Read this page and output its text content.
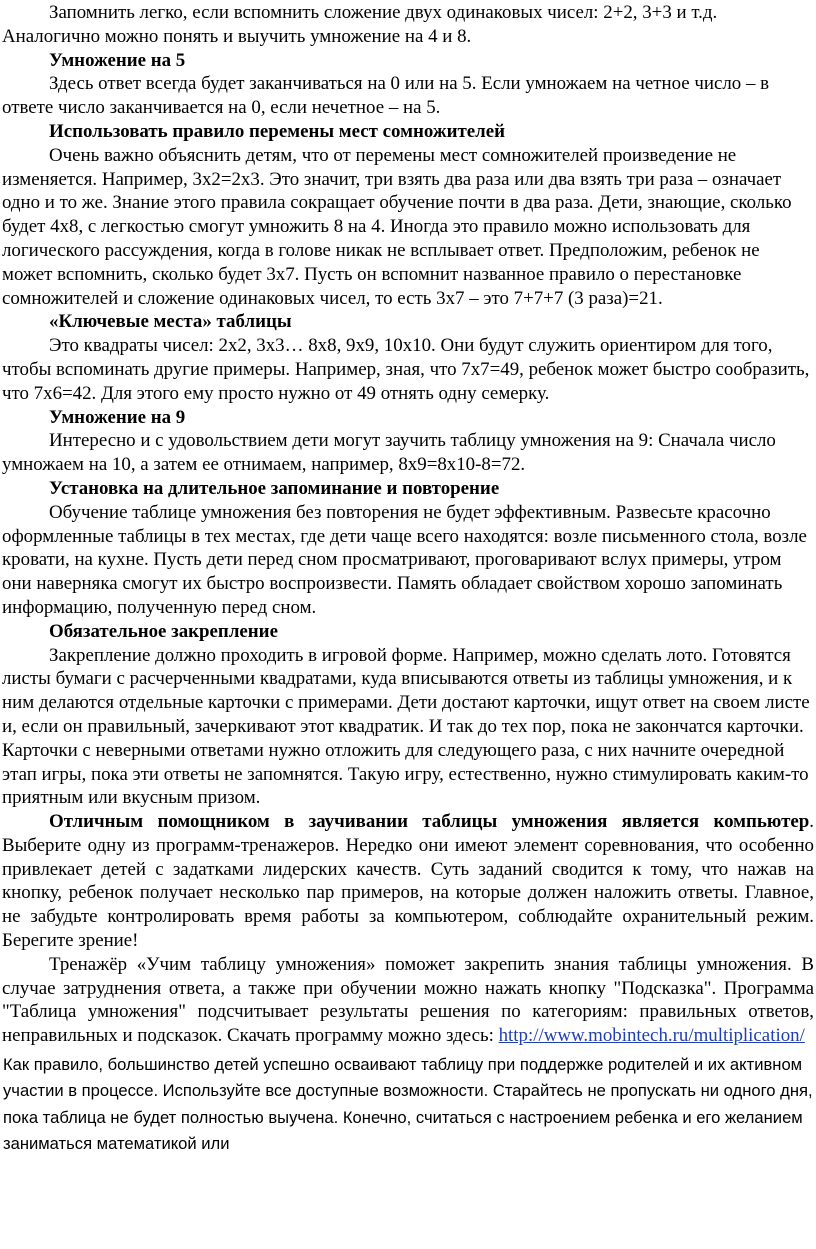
Запомнить легко, если вспомнить сложение двух одинаковых чисел: 2+2, 3+3 и т.д. Аналогично можно понять и выучить умножение на 4 и 8.

Умножение на 5

Здесь ответ всегда будет заканчиваться на 0 или на 5. Если умножаем на четное число – в ответе число заканчивается на 0, если нечетное – на 5.

Использовать правило перемены мест сомножителей

Очень важно объяснить детям, что от перемены мест сомножителей произведение не изменяется. Например, 3х2=2х3. Это значит, три взять два раза или два взять три раза – означает одно и то же. Знание этого правила сокращает обучение почти в два раза. Дети, знающие, сколько будет 4х8, с легкостью смогут умножить 8 на 4. Иногда это правило можно использовать для логического рассуждения, когда в голове никак не всплывает ответ. Предположим, ребенок не может вспомнить, сколько будет 3х7. Пусть он вспомнит названное правило о перестановке сомножителей и сложение одинаковых чисел, то есть 3х7 – это 7+7+7 (3 раза)=21.

«Ключевые места» таблицы

Это квадраты чисел: 2х2, 3х3… 8х8, 9х9, 10х10. Они будут служить ориентиром для того, чтобы вспоминать другие примеры. Например, зная, что 7х7=49, ребенок может быстро сообразить, что 7х6=42. Для этого ему просто нужно от 49 отнять одну семерку.

Умножение на 9

Интересно и с удовольствием дети могут заучить таблицу умножения на 9: Сначала число умножаем на 10, а затем ее отнимаем, например, 8х9=8х10-8=72.

Установка на длительное запоминание и повторение

Обучение таблице умножения без повторения не будет эффективным. Развесьте красочно оформленные таблицы в тех местах, где дети чаще всего находятся: возле письменного стола, возле кровати, на кухне. Пусть дети перед сном просматривают, проговаривают вслух примеры, утром они наверняка смогут их быстро воспроизвести. Память обладает свойством хорошо запоминать информацию, полученную перед сном.

Обязательное закрепление

Закрепление должно проходить в игровой форме. Например, можно сделать лото. Готовятся листы бумаги с расчерченными квадратами, куда вписываются ответы из таблицы умножения, и к ним делаются отдельные карточки с примерами. Дети достают карточки, ищут ответ на своем листе и, если он правильный, зачеркивают этот квадратик. И так до тех пор, пока не закончатся карточки. Карточки с неверными ответами нужно отложить для следующего раза, с них начните очередной этап игры, пока эти ответы не запомнятся. Такую игру, естественно, нужно стимулировать каким-то приятным или вкусным призом.

Отличным помощником в заучивании таблицы умножения является компьютер. Выберите одну из программ-тренажеров. Нередко они имеют элемент соревнования, что особенно привлекает детей с задатками лидерских качеств. Суть заданий сводится к тому, что нажав на кнопку, ребенок получает несколько пар примеров, на которые должен наложить ответы. Главное, не забудьте контролировать время работы за компьютером, соблюдайте охранительный режим. Берегите зрение!

Тренажёр «Учим таблицу умножения» поможет закрепить знания таблицы умножения. В случае затруднения ответа, а также при обучении можно нажать кнопку "Подсказка". Программа "Таблица умножения" подсчитывает результаты решения по категориям: правильных ответов, неправильных и подсказок. Скачать программу можно здесь: http://www.mobintech.ru/multiplication/

Как правило, большинство детей успешно осваивают таблицу при поддержке родителей и их активном участии в процессе. Используйте все доступные возможности. Старайтесь не пропускать ни одного дня, пока таблица не будет полностью выучена. Конечно, считаться с настроением ребенка и его желанием заниматься математикой или
